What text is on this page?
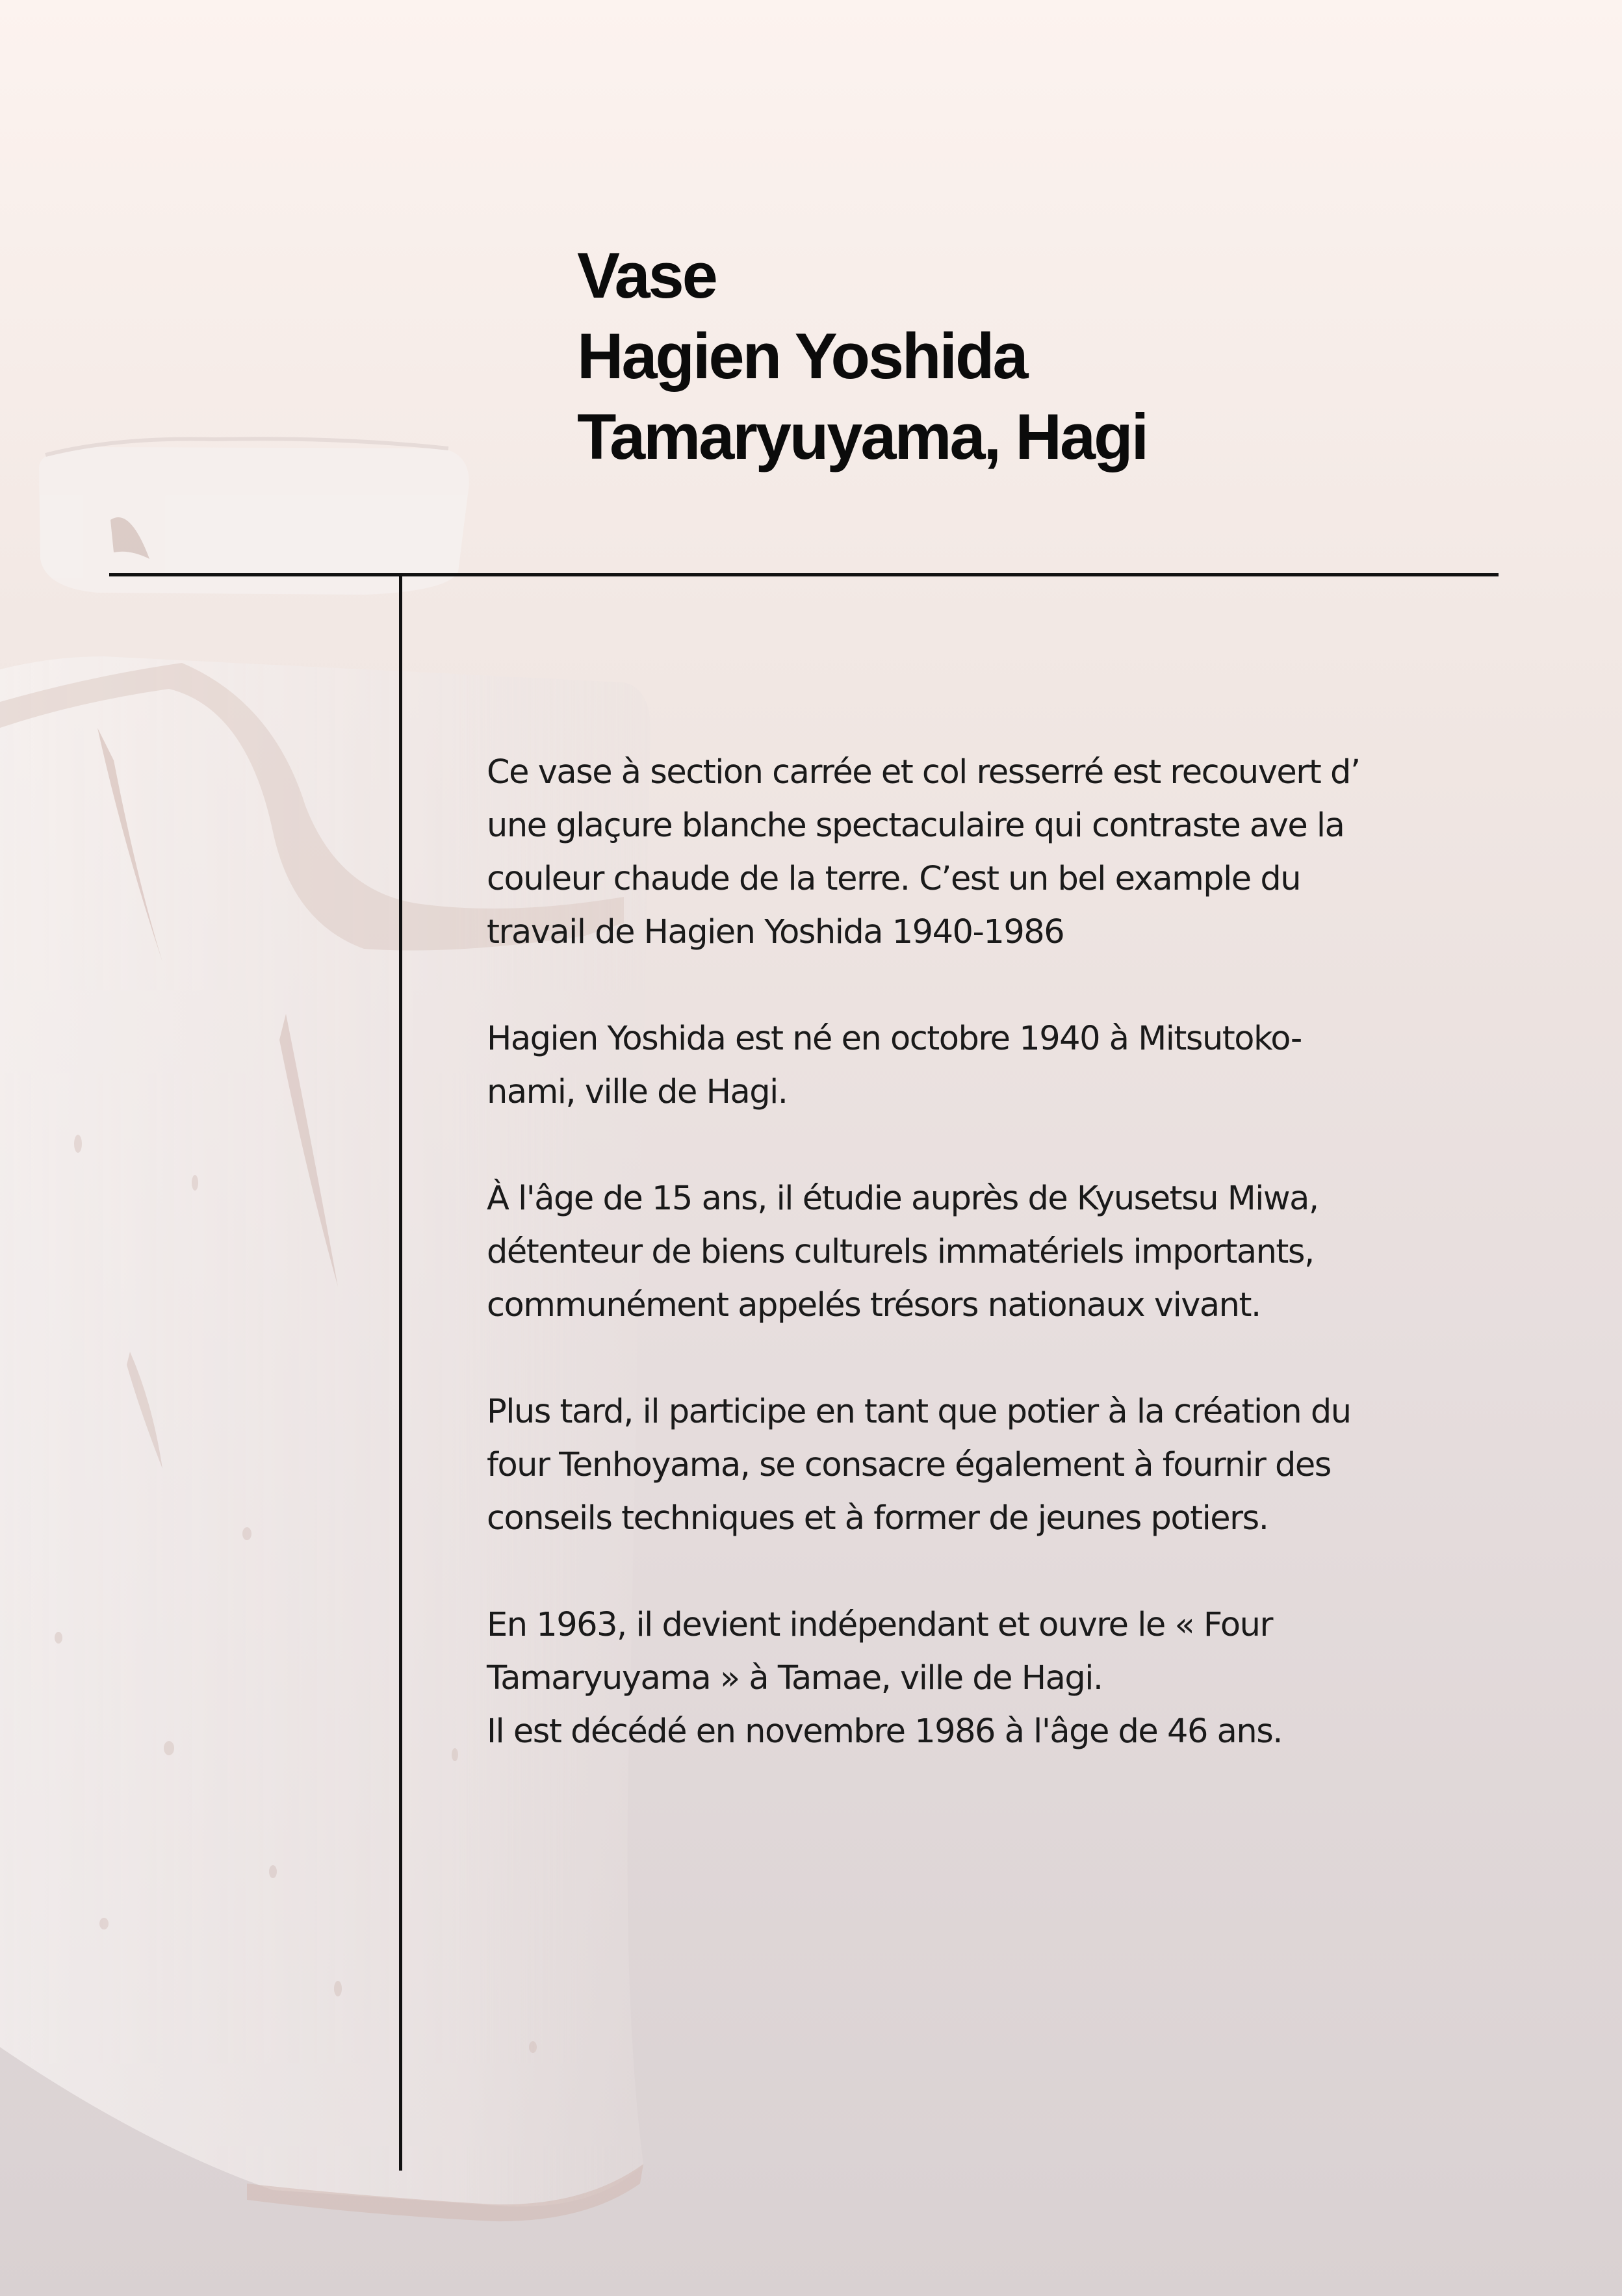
Vase
Hagien Yoshida
Tamaryuyama, Hagi

Ce vase à section carrée et col resserré est recouvert d’
une glaçure blanche spectaculaire qui contraste ave la
couleur chaude de la terre. C’est un bel example du
travail de Hagien Yoshida 1940-1986

Hagien Yoshida est né en octobre 1940 à Mitsutoko-
nami, ville de Hagi.

À l'âge de 15 ans, il étudie auprès de Kyusetsu Miwa,
détenteur de biens culturels immatériels importants,
communément appelés trésors nationaux vivant.

Plus tard, il participe en tant que potier à la création du
four Tenhoyama, se consacre également à fournir des
conseils techniques et à former de jeunes potiers.

En 1963, il devient indépendant et ouvre le « Four
Tamaryuyama » à Tamae, ville de Hagi.
Il est décédé en novembre 1986 à l'âge de 46 ans.
